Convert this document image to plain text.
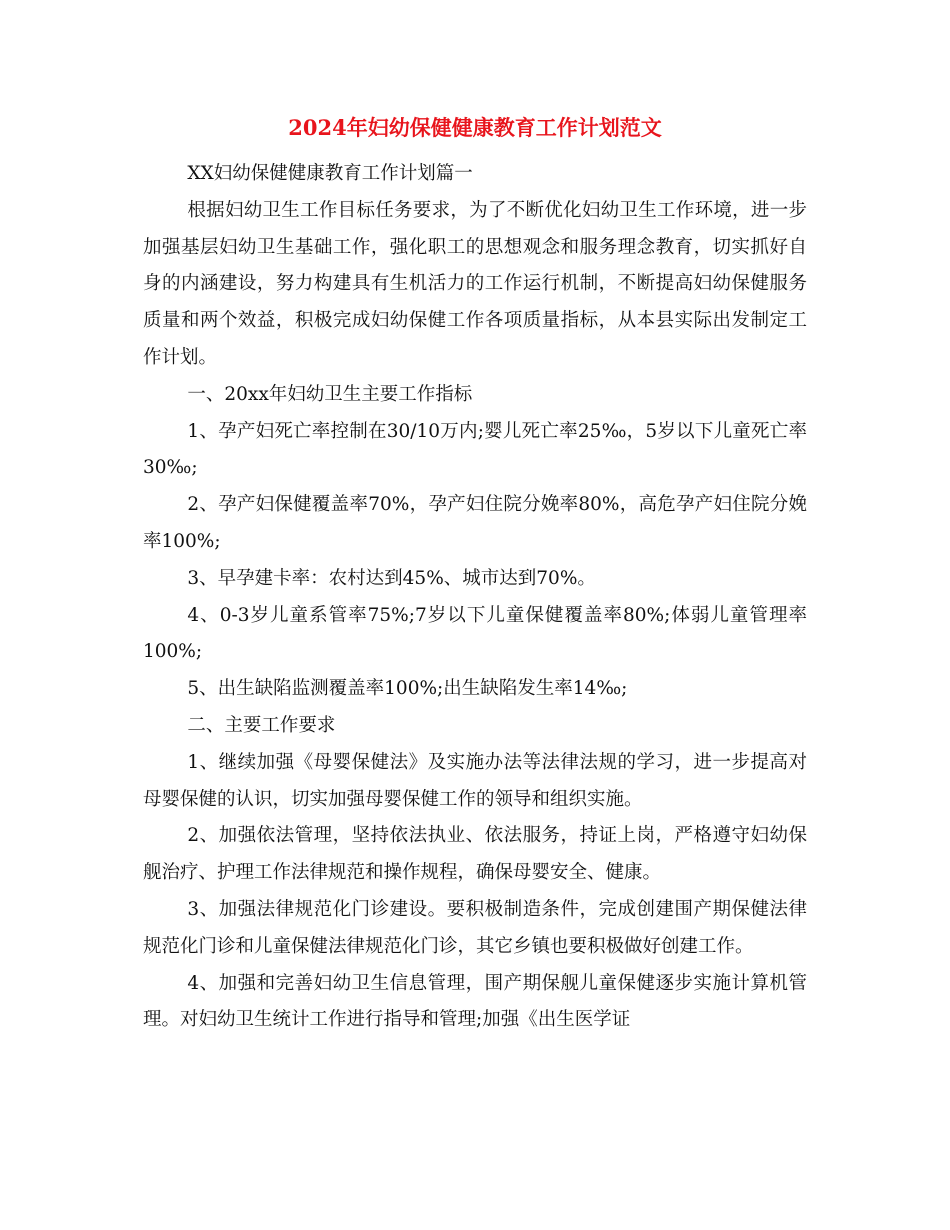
2024年妇幼保健健康教育工作计划范文

XX妇幼保健健康教育工作计划篇一

根据妇幼卫生工作目标任务要求，为了不断优化妇幼卫生工作环境，进一步加强基层妇幼卫生基础工作，强化职工的思想观念和服务理念教育，切实抓好自身的内涵建设，努力构建具有生机活力的工作运行机制，不断提高妇幼保健服务质量和两个效益，积极完成妇幼保健工作各项质量指标，从本县实际出发制定工作计划。

一、20xx年妇幼卫生主要工作指标

1、孕产妇死亡率控制在30/10万内;婴儿死亡率25‰，5岁以下儿童死亡率30‰;

2、孕产妇保健覆盖率70%，孕产妇住院分娩率80%，高危孕产妇住院分娩率100%;

3、早孕建卡率：农村达到45%、城市达到70%。

4、0-3岁儿童系管率75%;7岁以下儿童保健覆盖率80%;体弱儿童管理率100%;

5、出生缺陷监测覆盖率100%;出生缺陷发生率14‰;

二、主要工作要求

1、继续加强《母婴保健法》及实施办法等法律法规的学习，进一步提高对母婴保健的认识，切实加强母婴保健工作的领导和组织实施。

2、加强依法管理，坚持依法执业、依法服务，持证上岗，严格遵守妇幼保舰治疗、护理工作法律规范和操作规程，确保母婴安全、健康。

3、加强法律规范化门诊建设。要积极制造条件，完成创建围产期保健法律规范化门诊和儿童保健法律规范化门诊，其它乡镇也要积极做好创建工作。

4、加强和完善妇幼卫生信息管理，围产期保舰儿童保健逐步实施计算机管理。对妇幼卫生统计工作进行指导和管理;加强《出生医学证
